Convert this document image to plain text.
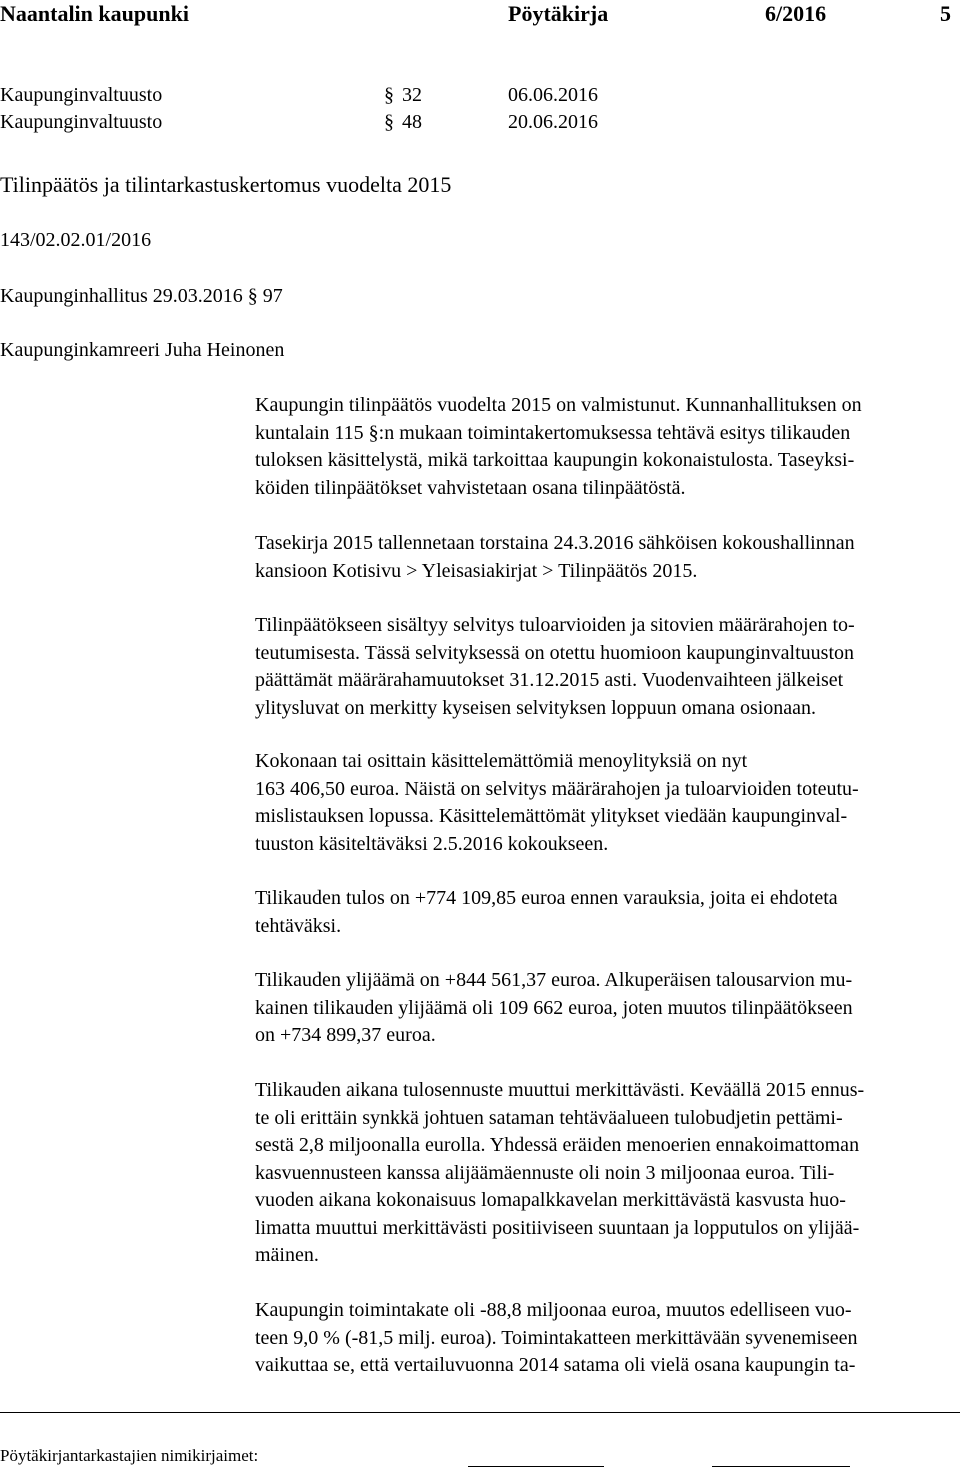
Naantalin kaupunki	Pöytäkirja	6/2016	5
Kaupunginvaltuusto	§ 32	06.06.2016
Kaupunginvaltuusto	§ 48	20.06.2016
Tilinpäätös ja tilintarkastuskertomus vuodelta 2015
143/02.02.01/2016
Kaupunginhallitus 29.03.2016 § 97
Kaupunginkamreeri Juha Heinonen

Kaupungin tilinpäätös vuodelta 2015 on valmistunut. Kunnanhallituksen on

kuntalain 115 §:n mukaan toimintakertomuksessa tehtävä esitys tilikauden

tuloksen käsittelystä, mikä tarkoittaa kaupungin kokonaistulosta. Taseyksi-

köiden tilinpäätökset vahvistetaan osana tilinpäätöstä.

Tasekirja 2015 tallennetaan torstaina 24.3.2016 sähköisen kokoushallinnan

kansioon Kotisivu > Yleisasiakirjat > Tilinpäätös 2015.

Tilinpäätökseen sisältyy selvitys tuloarvioiden ja sitovien määrärahojen to-

teutumisesta. Tässä selvityksessä on otettu huomioon kaupunginvaltuuston

päättämät määrärahamuutokset 31.12.2015 asti. Vuodenvaihteen jälkeiset

ylitysluvat on merkitty kyseisen selvityksen loppuun omana osionaan.

Kokonaan tai osittain käsittelemättömiä menoylityksiä on nyt

163 406,50 euroa. Näistä on selvitys määrärahojen ja tuloarvioiden toteutu-

mislistauksen lopussa. Käsittelemättömät ylitykset viedään kaupunginval-

tuuston käsiteltäväksi 2.5.2016 kokoukseen.

Tilikauden tulos on +774 109,85 euroa ennen varauksia, joita ei ehdoteta

tehtäväksi.

Tilikauden ylijäämä on +844 561,37 euroa. Alkuperäisen talousarvion mu-

kainen tilikauden ylijäämä oli 109 662 euroa, joten muutos tilinpäätökseen

on +734 899,37 euroa.

Tilikauden aikana tulosennuste muuttui merkittävästi. Keväällä 2015 ennus-

te oli erittäin synkkä johtuen sataman tehtäväalueen tulobudjetin pettämi-

sestä 2,8 miljoonalla eurolla. Yhdessä eräiden menoerien ennakoimattoman

kasvuennusteen kanssa alijäämäennuste oli noin 3 miljoonaa euroa. Tili-

vuoden aikana kokonaisuus lomapalkkavelan merkittävästä kasvusta huo-

limatta muuttui merkittävästi positiiviseen suuntaan ja lopputulos on ylijää-

mäinen.

Kaupungin toimintakate oli -88,8 miljoonaa euroa, muutos edelliseen vuo-

teen 9,0 % (-81,5 milj. euroa). Toimintakatteen merkittävään syvenemiseen

vaikuttaa se, että vertailuvuonna 2014 satama oli vielä osana kaupungin ta-

Pöytäkirjantarkastajien nimikirjaimet:
